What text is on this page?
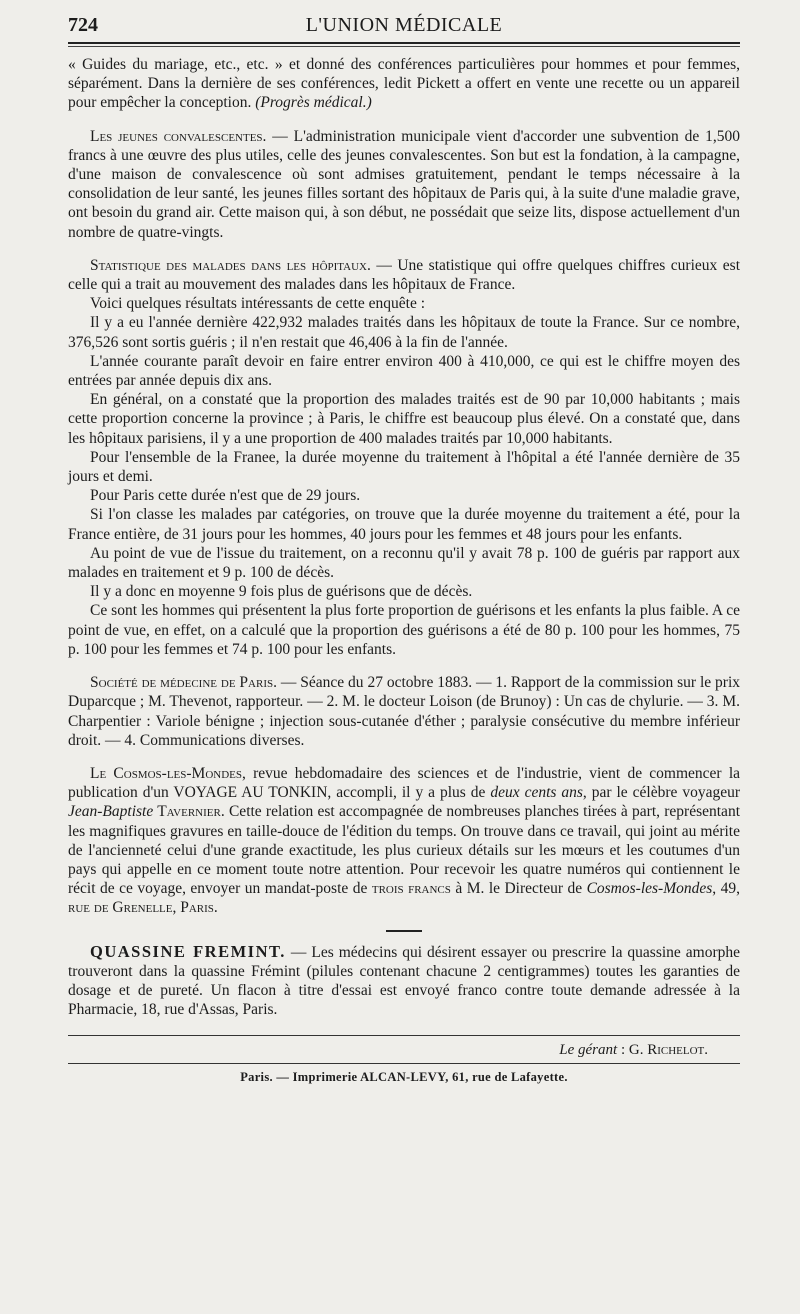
724	L'UNION MÉDICALE

« Guides du mariage, etc., etc. » et donné des conférences particulières pour hommes et pour femmes, séparément. Dans la dernière de ses conférences, ledit Pickett a offert en vente une recette ou un appareil pour empêcher la conception. (Progrès médical.)

Les jeunes convalescentes. — L'administration municipale vient d'accorder une subvention de 1,500 francs à une œuvre des plus utiles, celle des jeunes convalescentes. Son but est la fondation, à la campagne, d'une maison de convalescence où sont admises gratuitement, pendant le temps nécessaire à la consolidation de leur santé, les jeunes filles sortant des hôpitaux de Paris qui, à la suite d'une maladie grave, ont besoin du grand air. Cette maison qui, à son début, ne possédait que seize lits, dispose actuellement d'un nombre de quatre-vingts.

Statistique des malades dans les hôpitaux. — Une statistique qui offre quelques chiffres curieux est celle qui a trait au mouvement des malades dans les hôpitaux de France.

Voici quelques résultats intéressants de cette enquête :

Il y a eu l'année dernière 422,932 malades traités dans les hôpitaux de toute la France. Sur ce nombre, 376,526 sont sortis guéris ; il n'en restait que 46,406 à la fin de l'année.

L'année courante paraît devoir en faire entrer environ 400 à 410,000, ce qui est le chiffre moyen des entrées par année depuis dix ans.

En général, on a constaté que la proportion des malades traités est de 90 par 10,000 habitants ; mais cette proportion concerne la province ; à Paris, le chiffre est beaucoup plus élevé. On a constaté que, dans les hôpitaux parisiens, il y a une proportion de 400 malades traités par 10,000 habitants.

Pour l'ensemble de la Franee, la durée moyenne du traitement à l'hôpital a été l'année dernière de 35 jours et demi.

Pour Paris cette durée n'est que de 29 jours.

Si l'on classe les malades par catégories, on trouve que la durée moyenne du traitement a été, pour la France entière, de 31 jours pour les hommes, 40 jours pour les femmes et 48 jours pour les enfants.

Au point de vue de l'issue du traitement, on a reconnu qu'il y avait 78 p. 100 de guéris par rapport aux malades en traitement et 9 p. 100 de décès.

Il y a donc en moyenne 9 fois plus de guérisons que de décès.

Ce sont les hommes qui présentent la plus forte proportion de guérisons et les enfants la plus faible. A ce point de vue, en effet, on a calculé que la proportion des guérisons a été de 80 p. 100 pour les hommes, 75 p. 100 pour les femmes et 74 p. 100 pour les enfants.

Société de médecine de Paris. — Séance du 27 octobre 1883. — 1. Rapport de la commission sur le prix Duparcque ; M. Thevenot, rapporteur. — 2. M. le docteur Loison (de Brunoy) : Un cas de chylurie. — 3. M. Charpentier : Variole bénigne ; injection sous-cutanée d'éther ; paralysie consécutive du membre inférieur droit. — 4. Communications diverses.

Le Cosmos-les-Mondes, revue hebdomadaire des sciences et de l'industrie, vient de commencer la publication d'un VOYAGE AU TONKIN, accompli, il y a plus de deux cents ans, par le célèbre voyageur Jean-Baptiste Tavernier. Cette relation est accompagnée de nombreuses planches tirées à part, représentant les magnifiques gravures en taille-douce de l'édition du temps. On trouve dans ce travail, qui joint au mérite de l'ancienneté celui d'une grande exactitude, les plus curieux détails sur les mœurs et les coutumes d'un pays qui appelle en ce moment toute notre attention. Pour recevoir les quatre numéros qui contiennent le récit de ce voyage, envoyer un mandat-poste de trois francs à M. le Directeur de Cosmos-les-Mondes, 49, rue de Grenelle, Paris.

QUASSINE FREMINT. — Les médecins qui désirent essayer ou prescrire la quassine amorphe trouveront dans la quassine Frémint (pilules contenant chacune 2 centigrammes) toutes les garanties de dosage et de pureté. Un flacon à titre d'essai est envoyé franco contre toute demande adressée à la Pharmacie, 18, rue d'Assas, Paris.

Le gérant : G. Richelot.
Paris. — Imprimerie ALCAN-LEVY, 61, rue de Lafayette.
